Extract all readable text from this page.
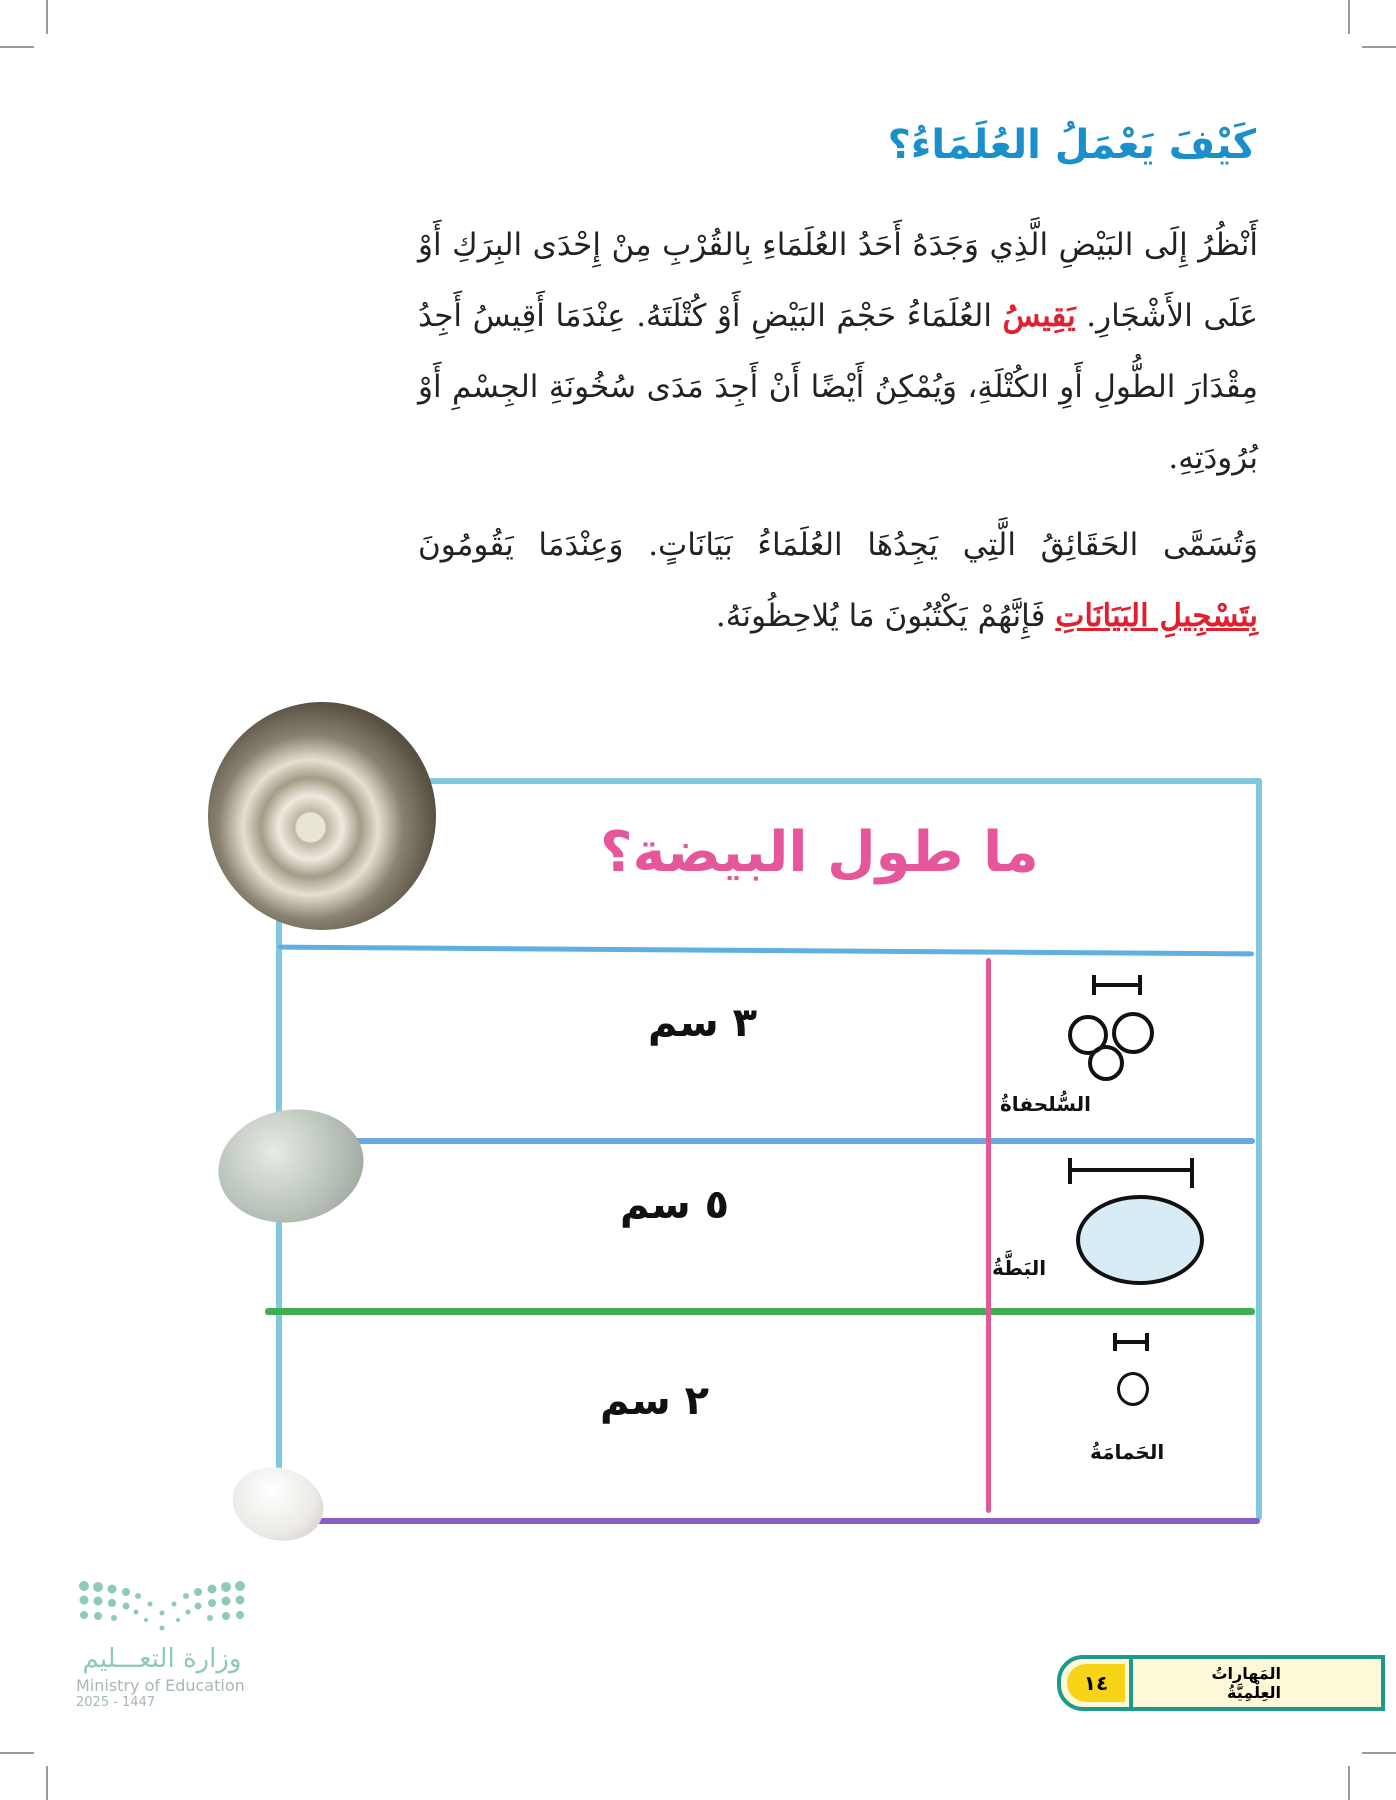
كَيْفَ يَعْمَلُ العُلَمَاءُ؟
أَنْظُرُ إِلَى البَيْضِ الَّذِي وَجَدَهُ أَحَدُ العُلَمَاءِ بِالقُرْبِ مِنْ إِحْدَى البِرَكِ أَوْ عَلَى الأَشْجَارِ. يَقِيسُ العُلَمَاءُ حَجْمَ البَيْضِ أَوْ كُتْلَتَهُ. عِنْدَمَا أَقِيسُ أَجِدُ مِقْدَارَ الطُّولِ أَوِ الكُتْلَةِ، وَيُمْكِنُ أَيْضًا أَنْ أَجِدَ مَدَى سُخُونَةِ الجِسْمِ أَوْ بُرُودَتِهِ.
وَتُسَمَّى الحَقَائِقُ الَّتِي يَجِدُهَا العُلَمَاءُ بَيَانَاتٍ. وَعِنْدَمَا يَقُومُونَ بِتَسْجِيلِ البَيَانَاتِ فَإِنَّهُمْ يَكْتُبُونَ مَا يُلاحِظُونَهُ.
ما طول البيضة؟
٣ سم
٥ سم
٢ سم
السُّلحفاةُ
البَطَّةُ
الحَمامَةُ
وزارة التعـــليم
Ministry of Education
2025 - 1447
١٤	المَهاراتُ العِلْمِيَّةُ
